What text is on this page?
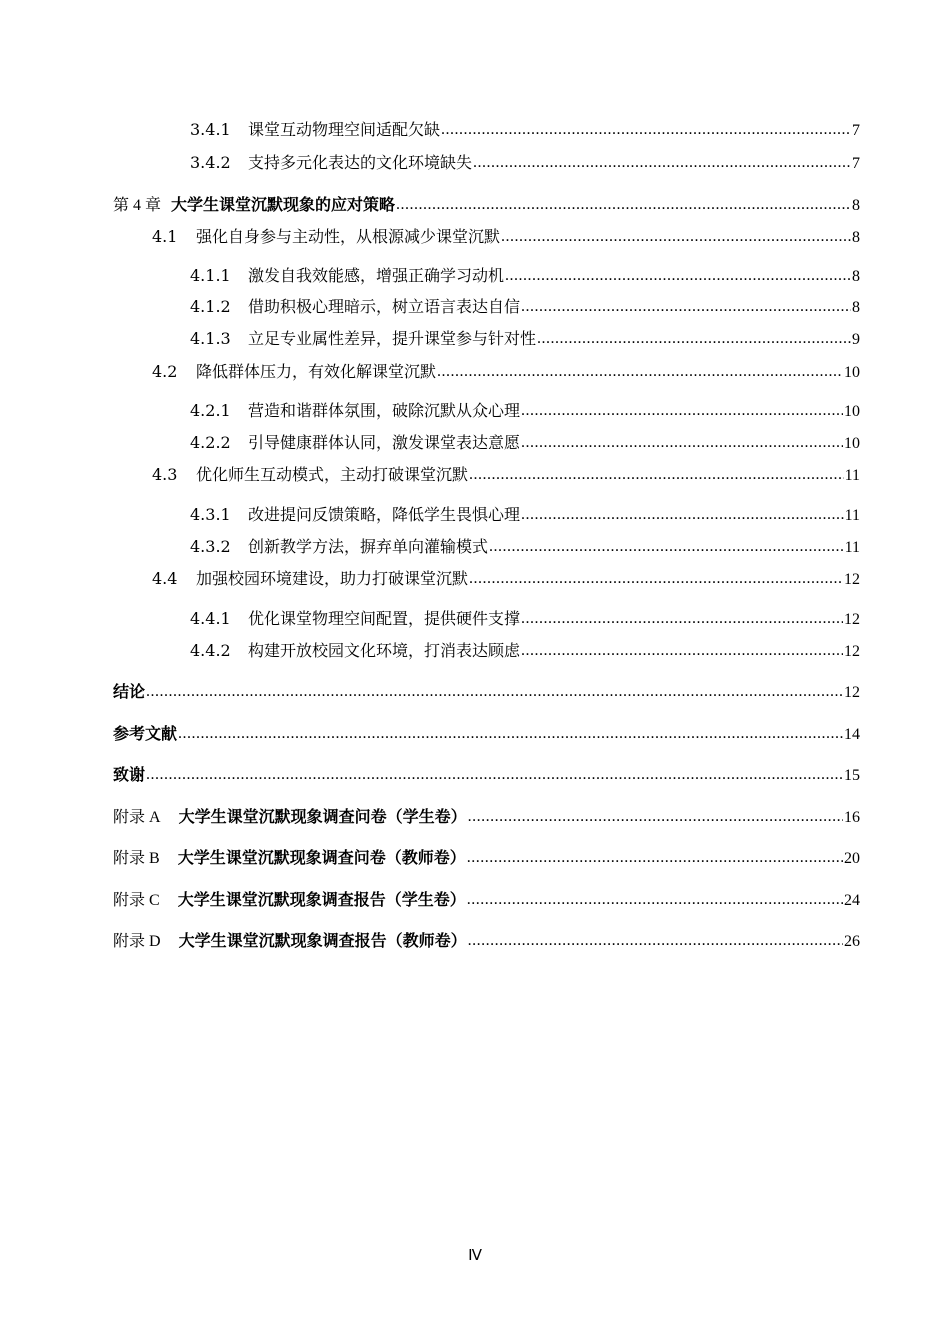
3.4.1	课堂互动物理空间适配欠缺 .....	7
3.4.2	支持多元化表达的文化环境缺失 .....	7
第 4 章 大学生课堂沉默现象的应对策略 .....	8
4.1	强化自身参与主动性，从根源减少课堂沉默 .....	8
4.1.1	激发自我效能感，增强正确学习动机 .....	8
4.1.2	借助积极心理暗示，树立语言表达自信 .....	8
4.1.3	立足专业属性差异，提升课堂参与针对性 .....	9
4.2	降低群体压力，有效化解课堂沉默 .....	10
4.2.1	营造和谐群体氛围，破除沉默从众心理 .....	10
4.2.2	引导健康群体认同，激发课堂表达意愿 .....	10
4.3	优化师生互动模式，主动打破课堂沉默 .....	11
4.3.1	改进提问反馈策略，降低学生畏惧心理 .....	11
4.3.2	创新教学方法，摒弃单向灌输模式 .....	11
4.4	加强校园环境建设，助力打破课堂沉默 .....	12
4.4.1	优化课堂物理空间配置，提供硬件支撑 .....	12
4.4.2	构建开放校园文化环境，打消表达顾虑 .....	12
结论 .....	12
参考文献 .....	14
致谢 .....	15
附录 A 大学生课堂沉默现象调查问卷（学生卷） .....	16
附录 B 大学生课堂沉默现象调查问卷（教师卷） .....	20
附录 C 大学生课堂沉默现象调查报告（学生卷） .....	24
附录 D 大学生课堂沉默现象调查报告（教师卷） .....	26
Ⅳ
